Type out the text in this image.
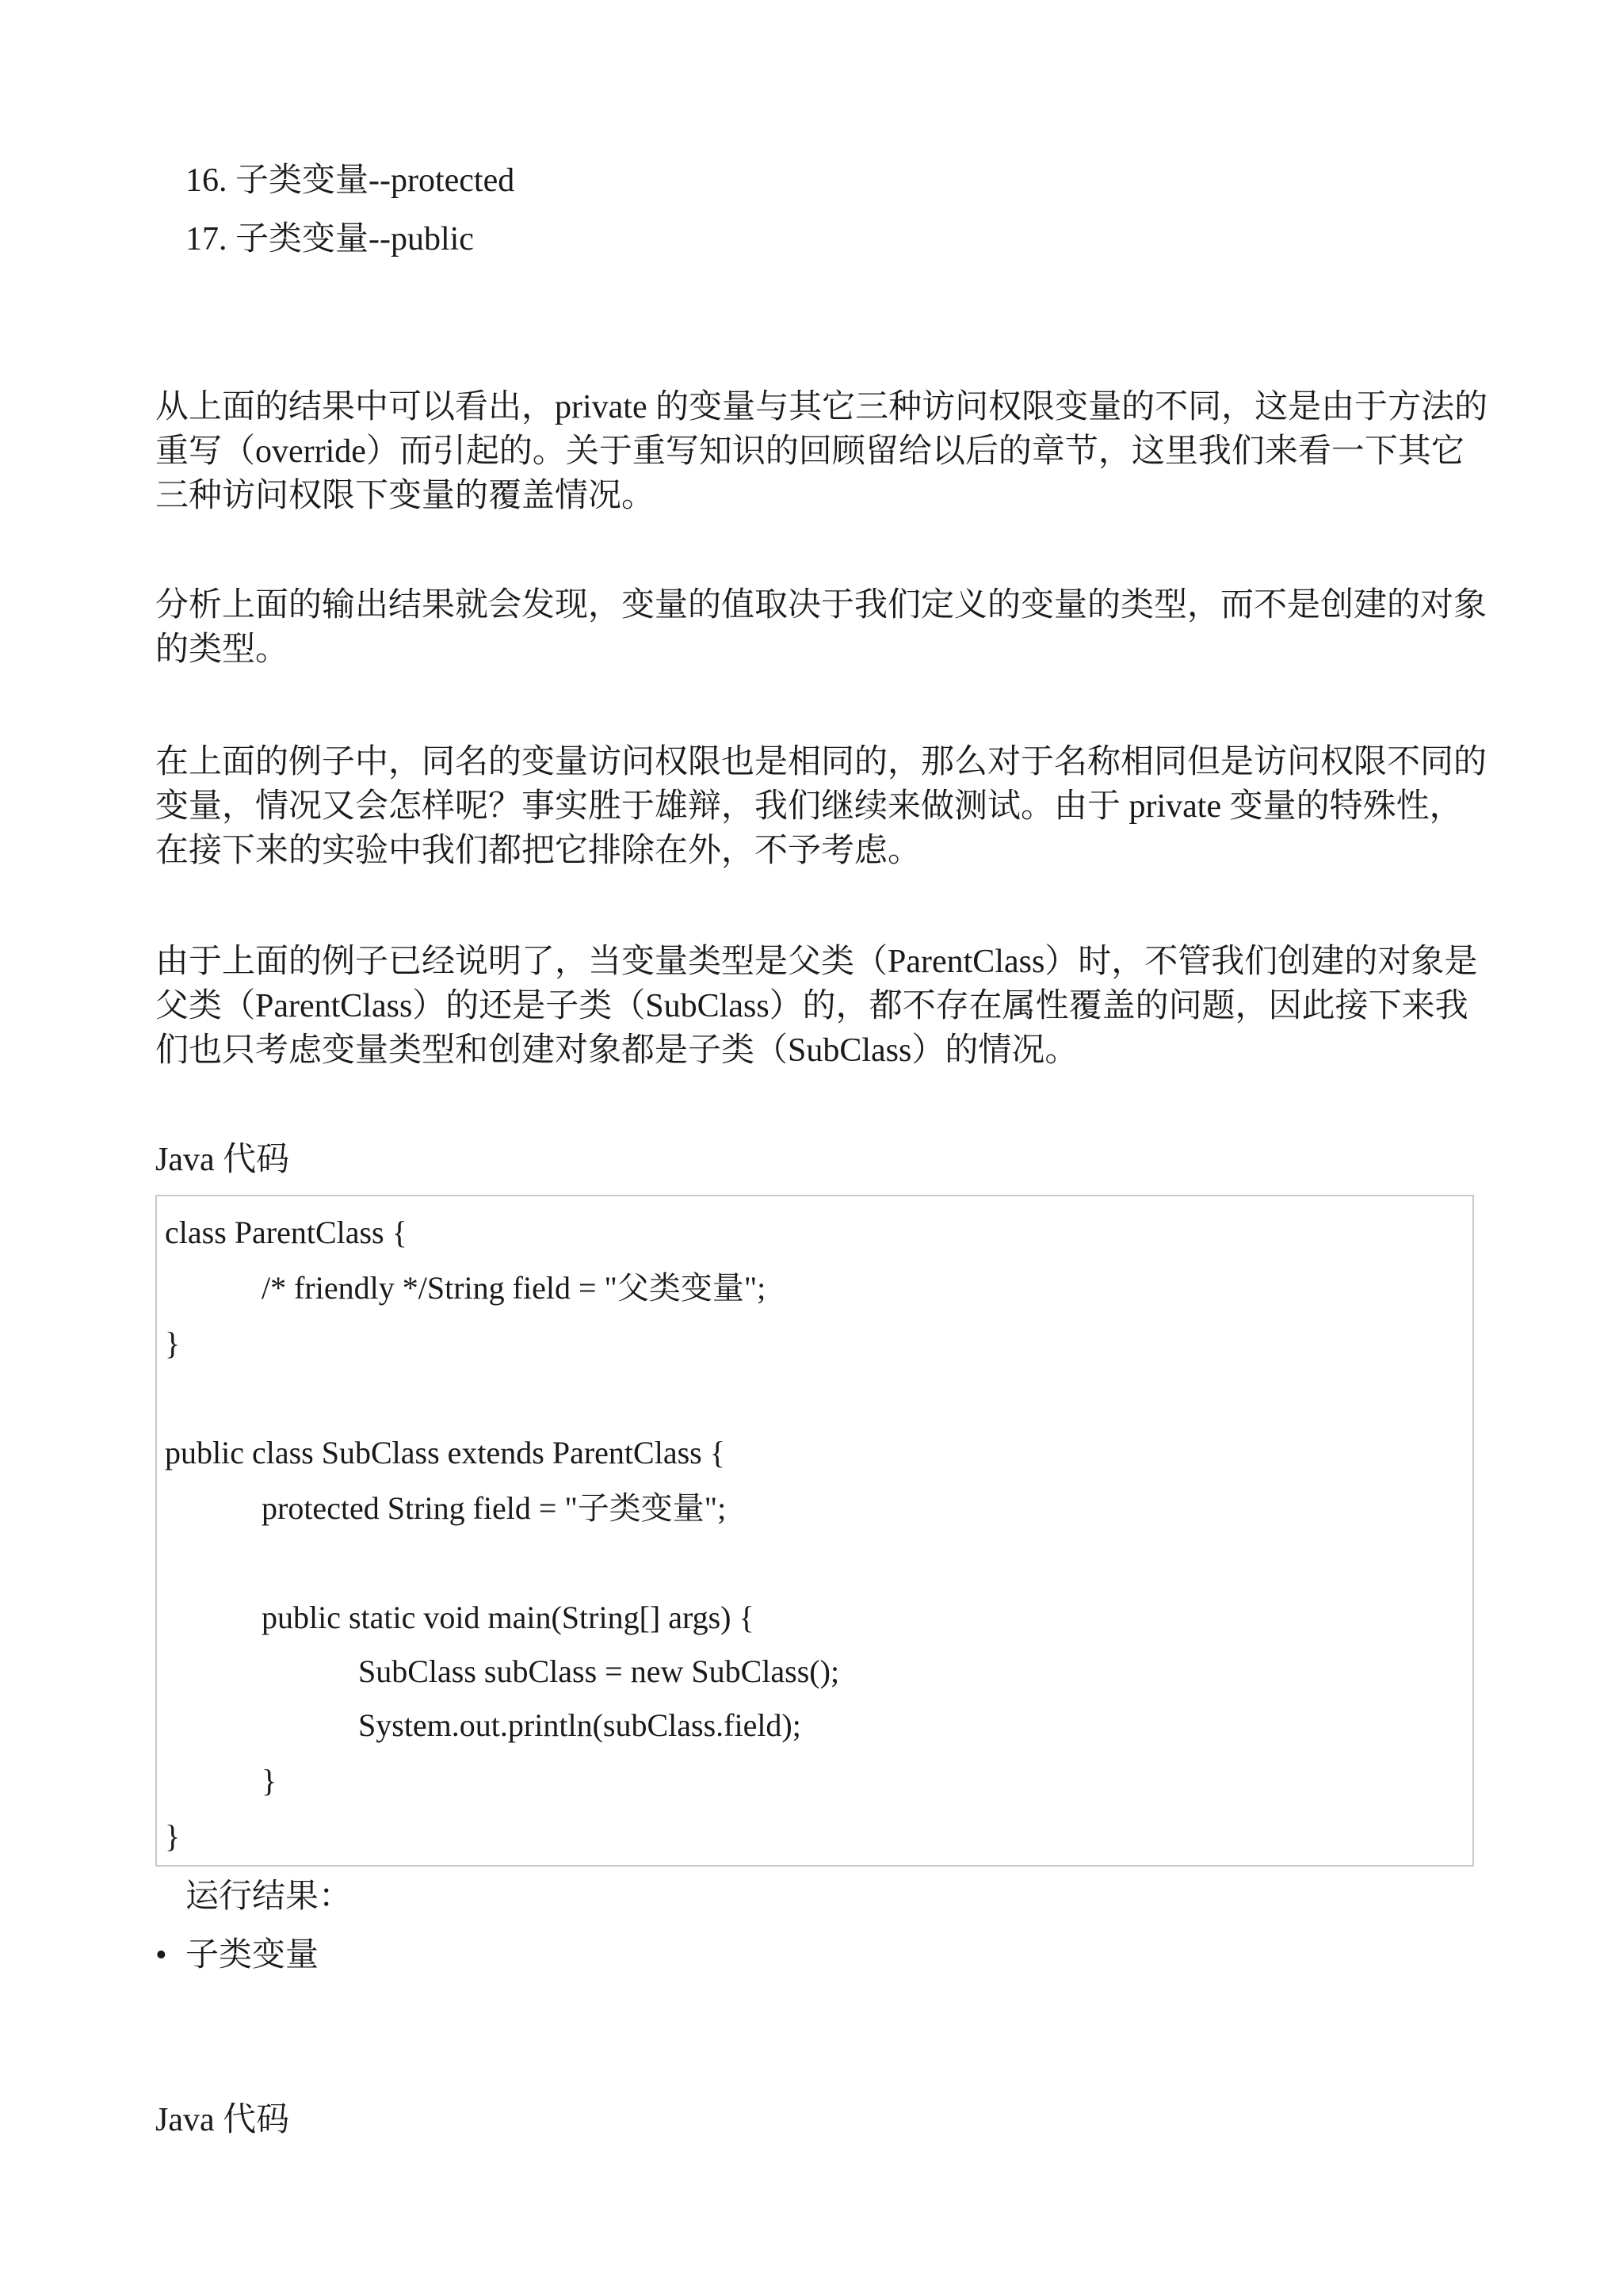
16. 子类变量--protected
17. 子类变量--public
从上面的结果中可以看出，private 的变量与其它三种访问权限变量的不同，这是由于方法的
重写（override）而引起的。关于重写知识的回顾留给以后的章节，这里我们来看一下其它
三种访问权限下变量的覆盖情况。
分析上面的输出结果就会发现，变量的值取决于我们定义的变量的类型，而不是创建的对象
的类型。
在上面的例子中，同名的变量访问权限也是相同的，那么对于名称相同但是访问权限不同的
变量，情况又会怎样呢？事实胜于雄辩，我们继续来做测试。由于 private 变量的特殊性，
在接下来的实验中我们都把它排除在外，不予考虑。
由于上面的例子已经说明了，当变量类型是父类（ParentClass）时，不管我们创建的对象是
父类（ParentClass）的还是子类（SubClass）的，都不存在属性覆盖的问题，因此接下来我
们也只考虑变量类型和创建对象都是子类（SubClass）的情况。
Java 代码
class ParentClass {
/* friendly */String field = "父类变量";
}
public class SubClass extends ParentClass {
protected String field = "子类变量";
public static void main(String[] args) {
SubClass subClass = new SubClass();
System.out.println(subClass.field);
}
}
运行结果：
• 子类变量
Java 代码
